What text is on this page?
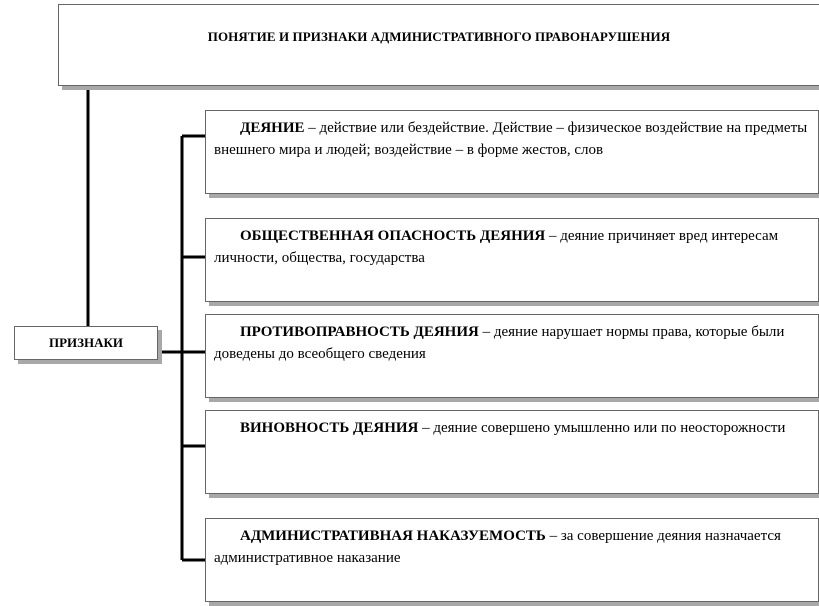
ПОНЯТИЕ И ПРИЗНАКИ АДМИНИСТРАТИВНОГО ПРАВОНАРУШЕНИЯ
ПРИЗНАКИ
ДЕЯНИЕ – действие или бездействие. Действие – физическое воздействие на предметы внешнего мира и людей; воздействие – в форме жестов, слов
ОБЩЕСТВЕННАЯ ОПАСНОСТЬ ДЕЯНИЯ – деяние причиняет вред интересам личности, общества, государства
ПРОТИВОПРАВНОСТЬ ДЕЯНИЯ – деяние нарушает нормы права, которые были доведены до всеобщего сведения
ВИНОВНОСТЬ ДЕЯНИЯ – деяние совершено умышленно или по неосторожности
АДМИНИСТРАТИВНАЯ НАКАЗУЕМОСТЬ – за совершение деяния назначается административное наказание
